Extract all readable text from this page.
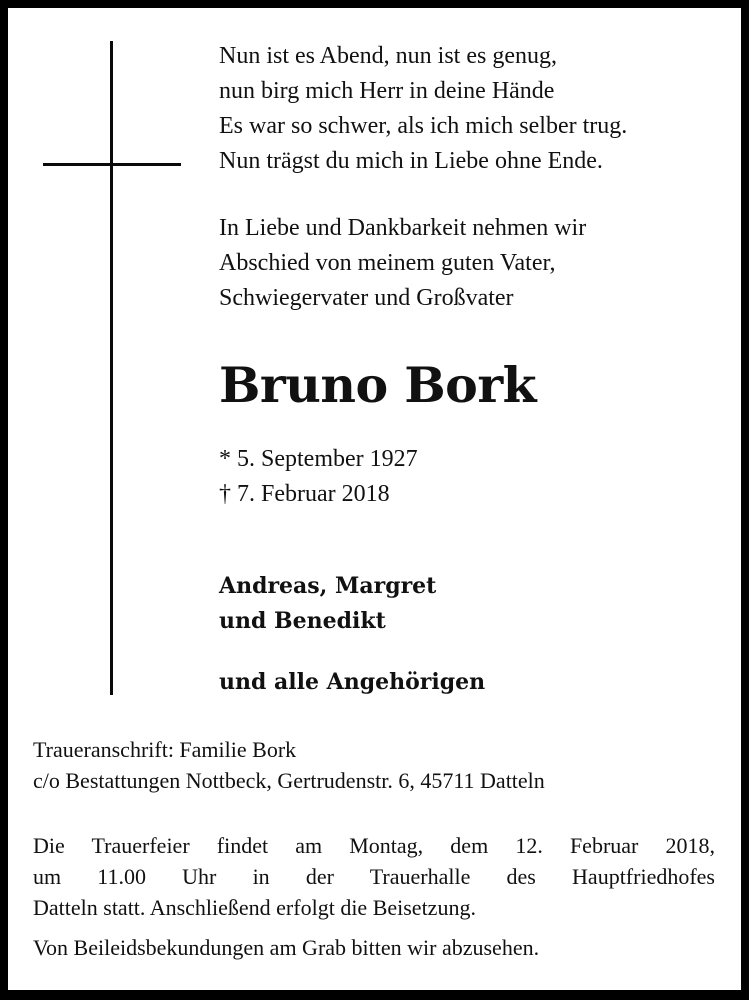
Nun ist es Abend, nun ist es genug,
nun birg mich Herr in deine Hände
Es war so schwer, als ich mich selber trug.
Nun trägst du mich in Liebe ohne Ende.
In Liebe und Dankbarkeit nehmen wir
Abschied von meinem guten Vater,
Schwiegervater und Großvater
Bruno Bork
* 5. September 1927
† 7. Februar 2018
Andreas, Margret
und Benedikt
und alle Angehörigen
Traueranschrift: Familie Bork
c/o Bestattungen Nottbeck, Gertrudenstr. 6, 45711 Datteln
Die Trauerfeier findet am Montag, dem 12. Februar 2018,
um 11.00 Uhr in der Trauerhalle des Hauptfriedhofes
Datteln statt. Anschließend erfolgt die Beisetzung.
Von Beileidsbekundungen am Grab bitten wir abzusehen.
